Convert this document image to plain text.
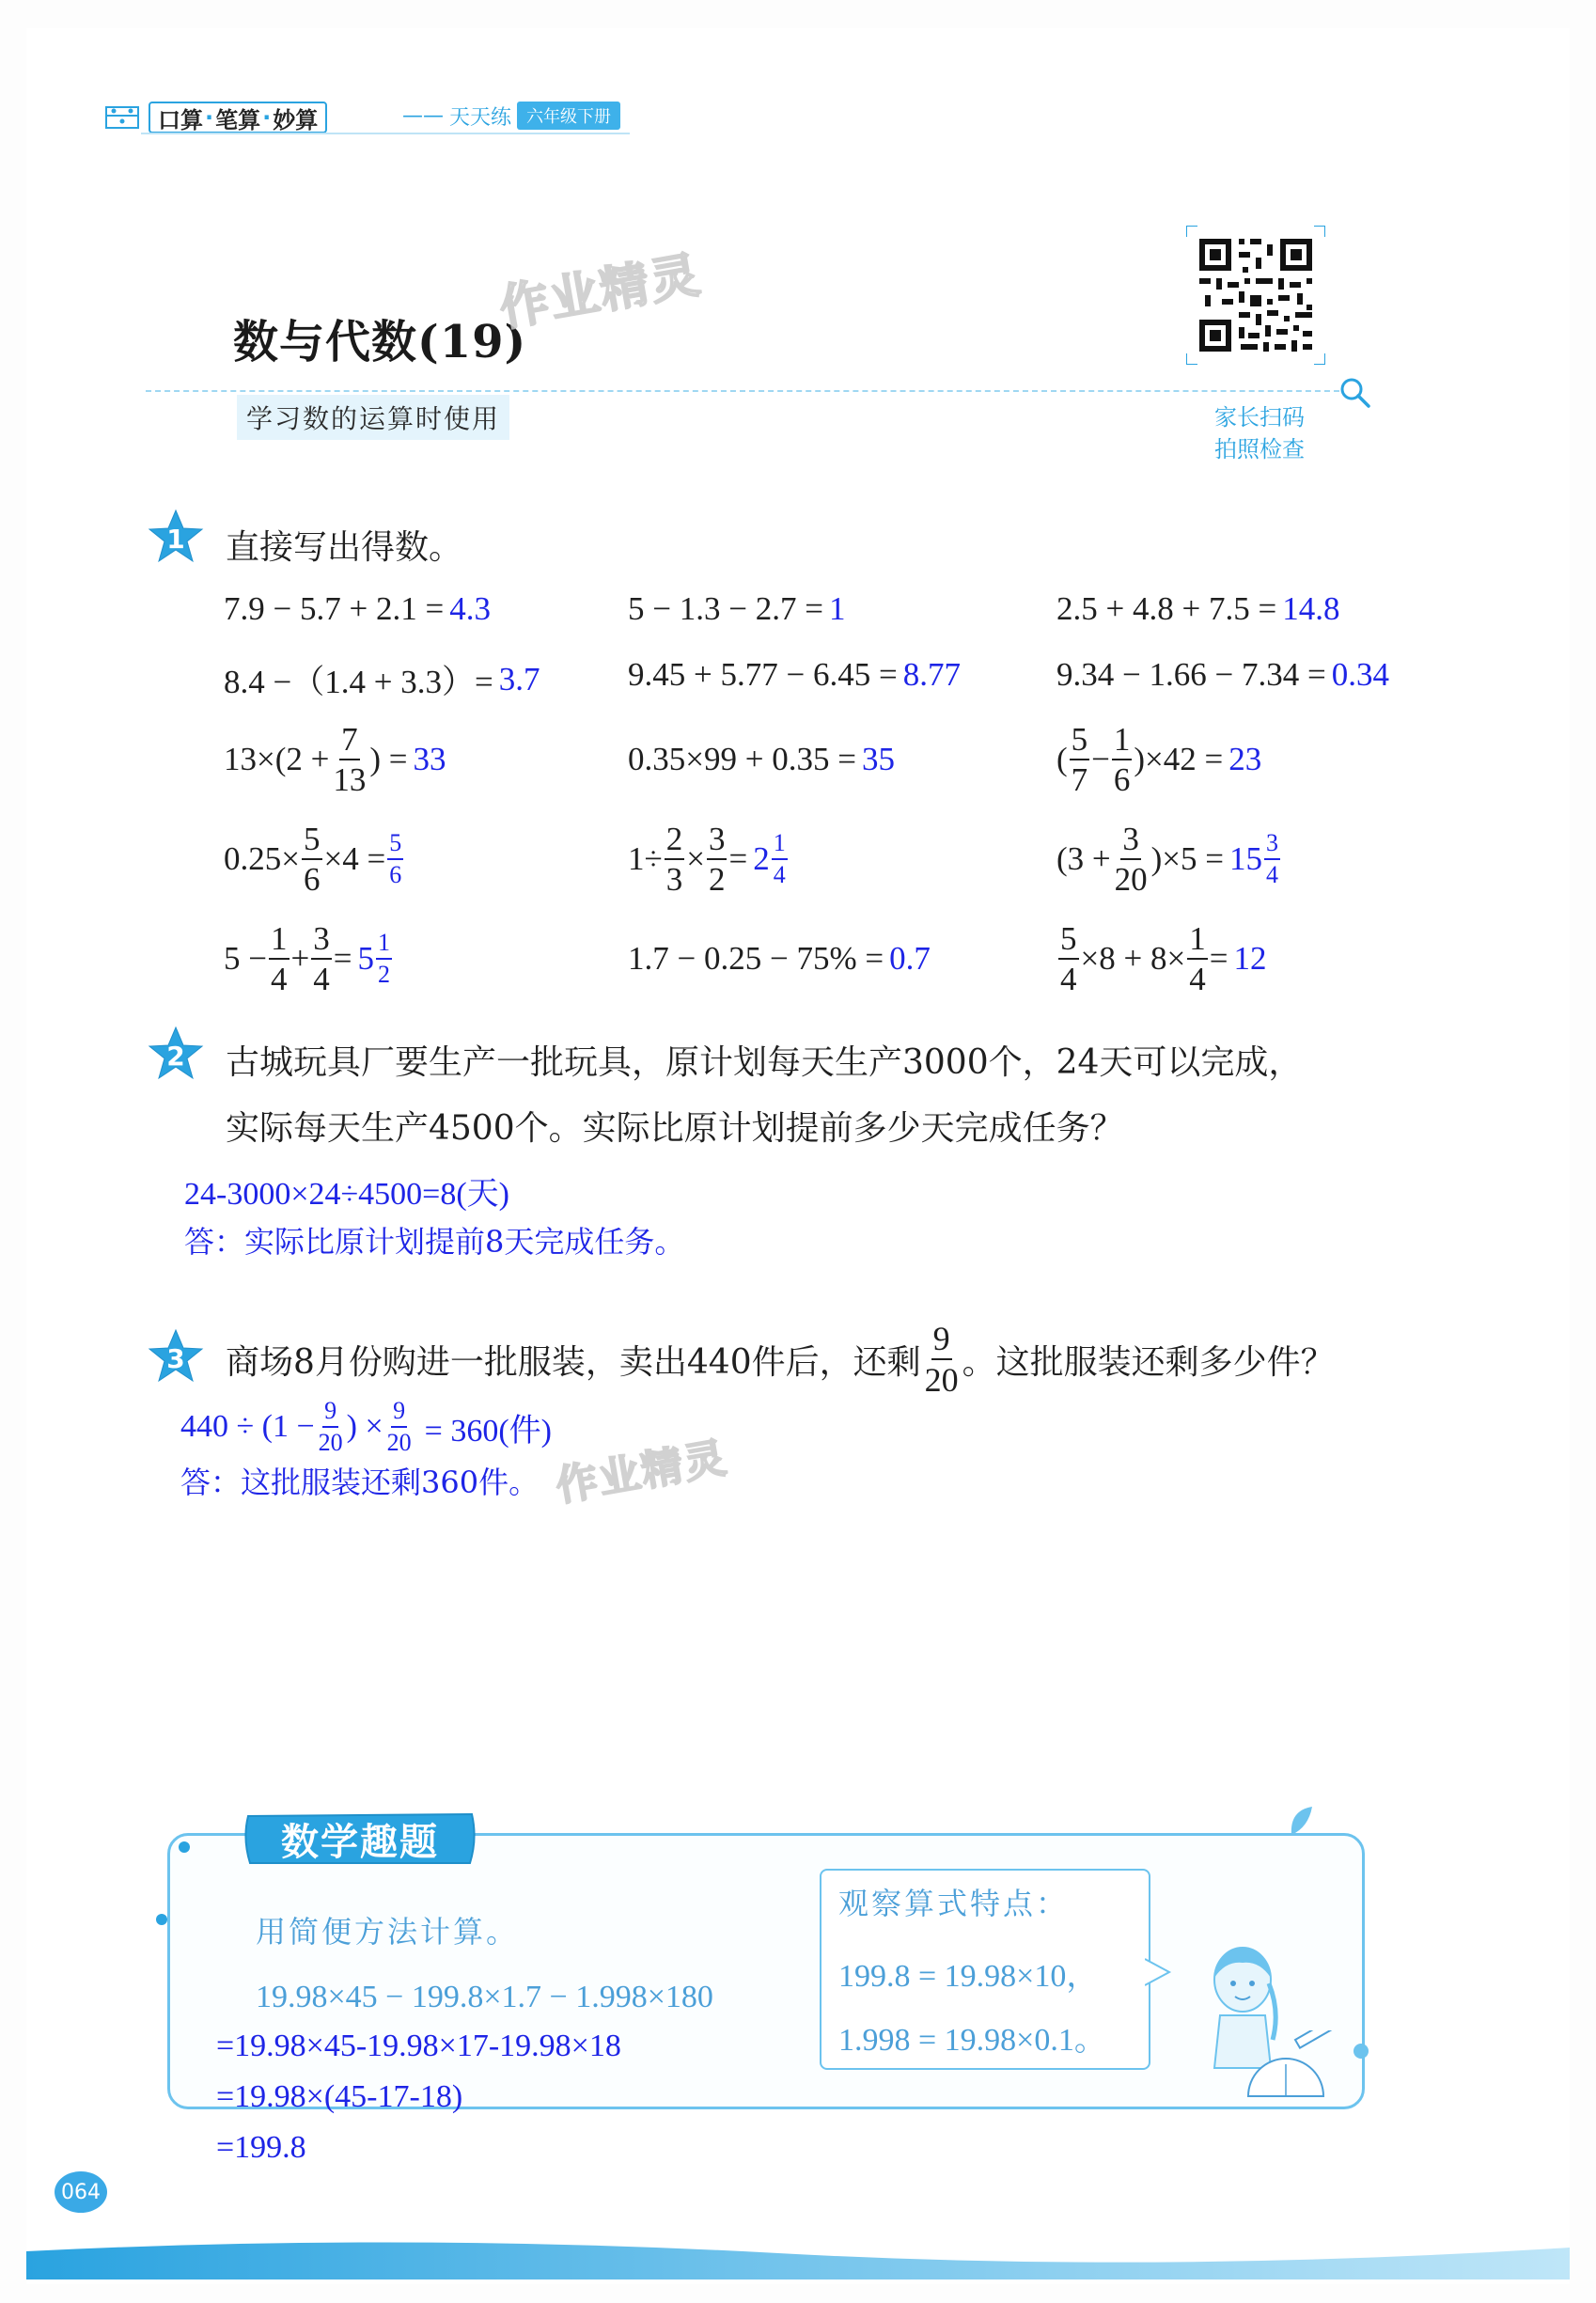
口算 · 笔算 · 妙算	—— 天天练 六年级下册
数与代数(19)
作业精灵
学习数的运算时使用	家长扫码
拍照检查
1	直接写出得数。
7.9 − 5.7 + 2.1 = 4.3	5 − 1.3 − 2.7 = 1	2.5 + 4.8 + 7.5 = 14.8
8.4 −（1.4 + 3.3）= 3.7	9.45 + 5.77 − 6.45 = 8.77	9.34 − 1.66 − 7.34 = 0.34
$13\times(2 + \frac{7}{13}$ ) = 33	0.35×99 + 0.35 = 35	( $\frac{5}{7} - \frac{1}{6} )\times 42 = 23$
$0.25\times \frac{5}{6} \times 4 = \frac{5}{6}$	$1\div \frac{2}{3} \times \frac{3}{2} = 2 \frac{1}{4}$	$(3 + \frac{3}{20} )\times 5 = 15 \frac{3}{4}$
$5 - \frac{1}{4} + \frac{3}{4} = 5 \frac{1}{2}$	1.7 − 0.25 − 75% = 0.7	$\frac{5}{4} \times 8 + 8\times \frac{1}{4} = 12$
2	古城玩具厂要生产一批玩具，原计划每天生产3000个，24天可以完成，
实际每天生产4500个。实际比原计划提前多少天完成任务？
24-3000×24÷4500=8(天)
答：实际比原计划提前8天完成任务。
3	商场8月份购进一批服装，卖出440件后，还剩 $\frac{9}{20}$ 。这批服装还剩多少件？
$440 \div (1 - \frac{9}{20}$ ) × $\frac{9}{20} = 360$(件)
答：这批服装还剩360件。 作业精灵
数学趣题
用简便方法计算。
19.98×45 − 199.8×1.7 − 1.998×180
=19.98×45-19.98×17-19.98×18
=19.98×(45-17-18)
=199.8
观察算式特点：
199.8 = 19.98×10，
1.998 = 19.98×0.1。
064
